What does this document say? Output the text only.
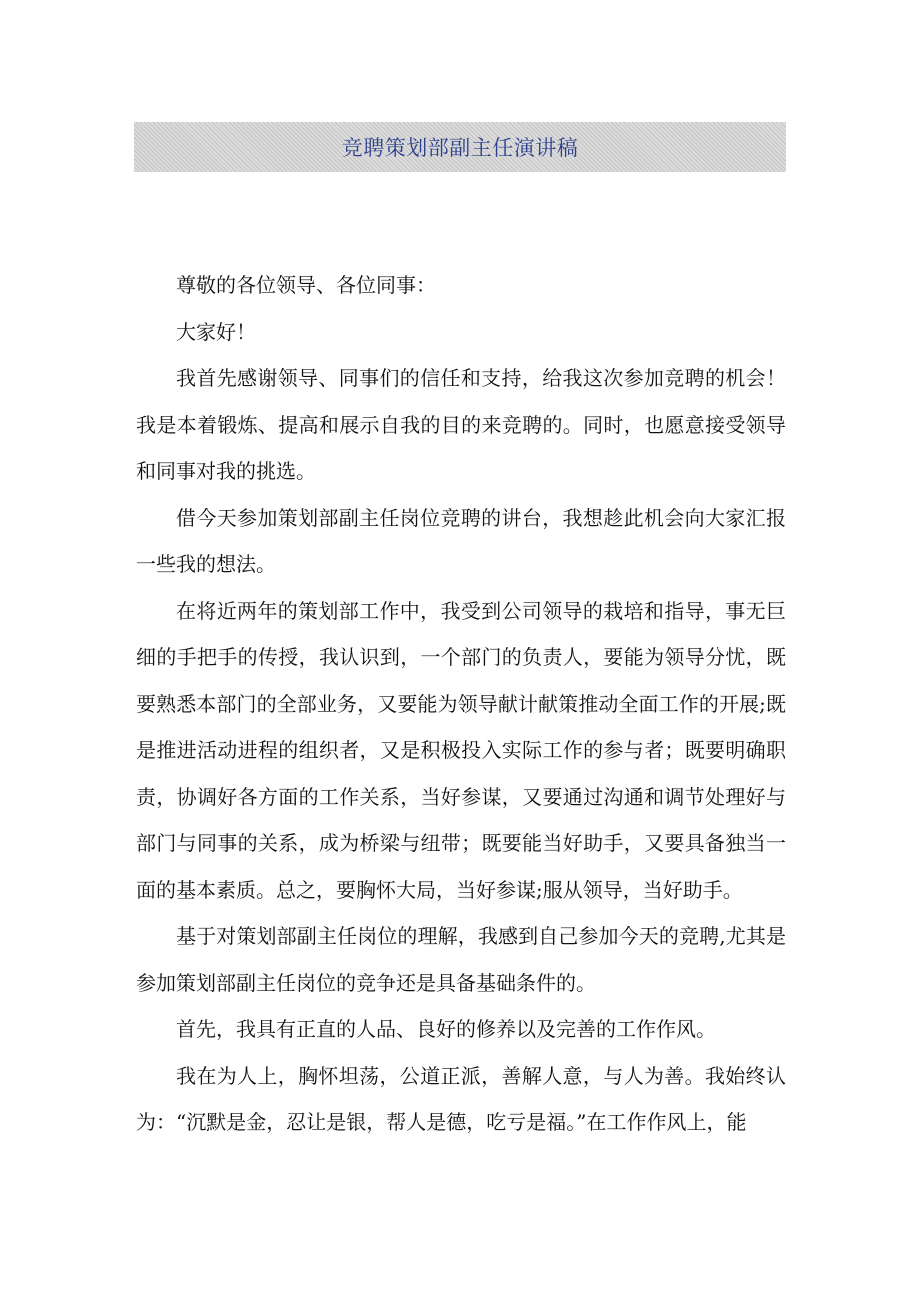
竞聘策划部副主任演讲稿

尊敬的各位领导、各位同事：

大家好！

我首先感谢领导、同事们的信任和支持，给我这次参加竞聘的机会！我是本着锻炼、提高和展示自我的目的来竞聘的。同时，也愿意接受领导和同事对我的挑选。

借今天参加策划部副主任岗位竞聘的讲台，我想趁此机会向大家汇报一些我的想法。

在将近两年的策划部工作中，我受到公司领导的栽培和指导，事无巨细的手把手的传授，我认识到，一个部门的负责人，要能为领导分忧，既要熟悉本部门的全部业务，又要能为领导献计献策推动全面工作的开展;既是推进活动进程的组织者，又是积极投入实际工作的参与者；既要明确职责，协调好各方面的工作关系，当好参谋，又要通过沟通和调节处理好与部门与同事的关系，成为桥梁与纽带；既要能当好助手，又要具备独当一面的基本素质。总之，要胸怀大局，当好参谋;服从领导，当好助手。

基于对策划部副主任岗位的理解，我感到自己参加今天的竞聘,尤其是参加策划部副主任岗位的竞争还是具备基础条件的。

首先，我具有正直的人品、良好的修养以及完善的工作作风。

我在为人上，胸怀坦荡，公道正派，善解人意，与人为善。我始终认为：“沉默是金，忍让是银，帮人是德，吃亏是福。”在工作作风上，能
